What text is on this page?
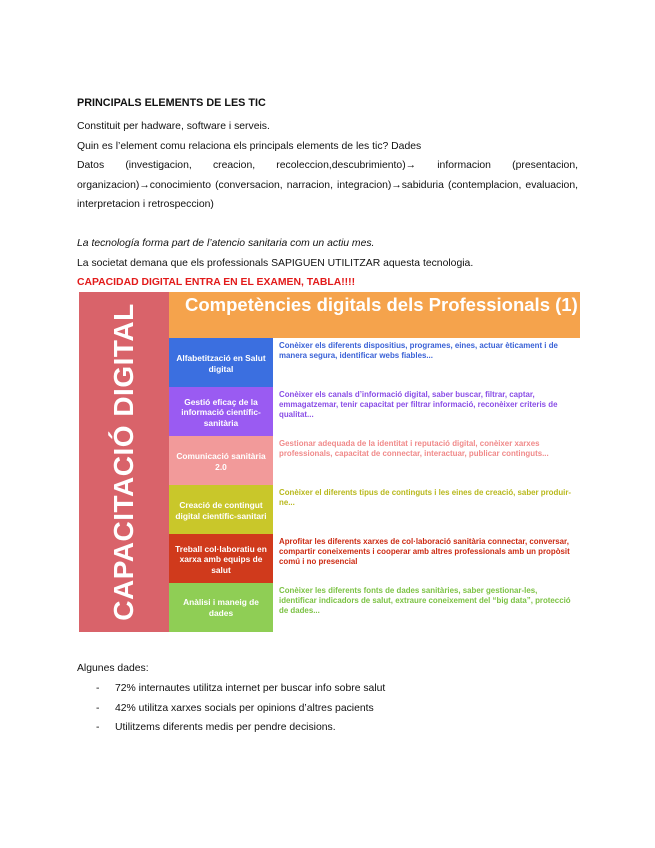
PRINCIPALS ELEMENTS DE LES TIC
Constituit per hadware, software i serveis.
Quin es l’element comu relaciona els principals elements de les tic? Dades
Datos (investigacion, creacion, recoleccion,descubrimiento)→ informacion (presentacion, organizacion)→conocimiento (conversacion, narracion, integracion)→sabiduria (contemplacion, evaluacion, interpretacion i retrospeccion)
La tecnología forma part de l’atencio sanitaria com un actiu mes.
La societat demana que els professionals SAPIGUEN UTILITZAR aquesta tecnologia.
CAPACIDAD DIGITAL ENTRA EN EL EXAMEN, TABLA!!!!
CAPACITACIÓ DIGITAL Competències digitals dels Professionals (1)
Alfabetització en Salut digital
Conèixer els diferents dispositius, programes, eines, actuar èticament i de manera segura, identificar webs fiables...
Gestió eficaç de la informació científic-sanitària
Conèixer els canals d’informació digital, saber buscar, filtrar, captar, emmagatzemar, tenir capacitat per filtrar informació, reconèixer criteris de qualitat...
Comunicació sanitària 2.0
Gestionar adequada de la identitat i reputació digital, conèixer xarxes professionals, capacitat de connectar, interactuar, publicar continguts...
Creació de contingut digital científic-sanitari
Conèixer el diferents tipus de continguts i les eines de creació, saber produir-ne...
Treball col·laboratiu en xarxa amb equips de salut
Aprofitar les diferents xarxes de col·laboració sanitària connectar, conversar, compartir coneixements i cooperar amb altres professionals amb un propòsit comú i no presencial
Anàlisi i maneig de dades
Conèixer les diferents fonts de dades sanitàries, saber gestionar-les, identificar indicadors de salut, extraure coneixement del “big data”, protecció de dades...
Algunes dades:
- 72% internautes utilitza internet per buscar info sobre salut
- 42% utilitza xarxes socials per opinions d’altres pacients
- Utilitzems diferents medis per pendre decisions.
